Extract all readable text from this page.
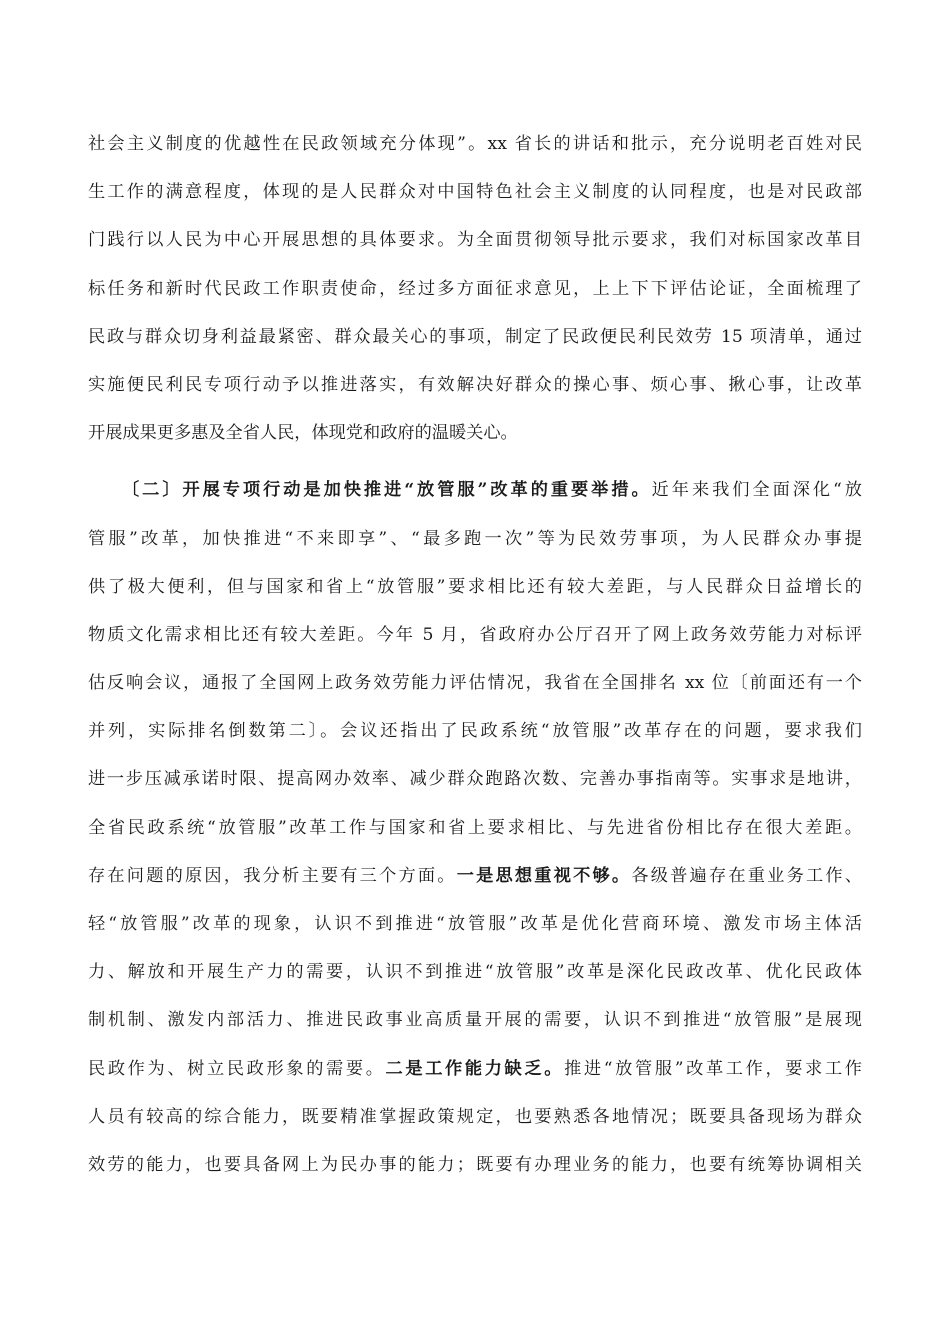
社会主义制度的优越性在民政领域充分体现”。xx 省长的讲话和批示，充分说明老百姓对民
生工作的满意程度，体现的是人民群众对中国特色社会主义制度的认同程度，也是对民政部
门践行以人民为中心开展思想的具体要求。为全面贯彻领导批示要求，我们对标国家改革目
标任务和新时代民政工作职责使命，经过多方面征求意见，上上下下评估论证，全面梳理了
民政与群众切身利益最紧密、群众最关心的事项，制定了民政便民利民效劳 15 项清单，通过
实施便民利民专项行动予以推进落实，有效解决好群众的操心事、烦心事、揪心事，让改革
开展成果更多惠及全省人民，体现党和政府的温暖关心。
〔二〕开展专项行动是加快推进“放管服”改革的重要举措。近年来我们全面深化“放
管服”改革，加快推进“不来即享”、“最多跑一次”等为民效劳事项，为人民群众办事提
供了极大便利，但与国家和省上“放管服”要求相比还有较大差距，与人民群众日益增长的
物质文化需求相比还有较大差距。今年 5 月，省政府办公厅召开了网上政务效劳能力对标评
估反响会议，通报了全国网上政务效劳能力评估情况，我省在全国排名 xx 位〔前面还有一个
并列，实际排名倒数第二〕。会议还指出了民政系统“放管服”改革存在的问题，要求我们
进一步压减承诺时限、提高网办效率、减少群众跑路次数、完善办事指南等。实事求是地讲，
全省民政系统“放管服”改革工作与国家和省上要求相比、与先进省份相比存在很大差距。
存在问题的原因，我分析主要有三个方面。一是思想重视不够。各级普遍存在重业务工作、
轻“放管服”改革的现象，认识不到推进“放管服”改革是优化营商环境、激发市场主体活
力、解放和开展生产力的需要，认识不到推进“放管服”改革是深化民政改革、优化民政体
制机制、激发内部活力、推进民政事业高质量开展的需要，认识不到推进“放管服”是展现
民政作为、树立民政形象的需要。二是工作能力缺乏。推进“放管服”改革工作，要求工作
人员有较高的综合能力，既要精准掌握政策规定，也要熟悉各地情况；既要具备现场为群众
效劳的能力，也要具备网上为民办事的能力；既要有办理业务的能力，也要有统筹协调相关
